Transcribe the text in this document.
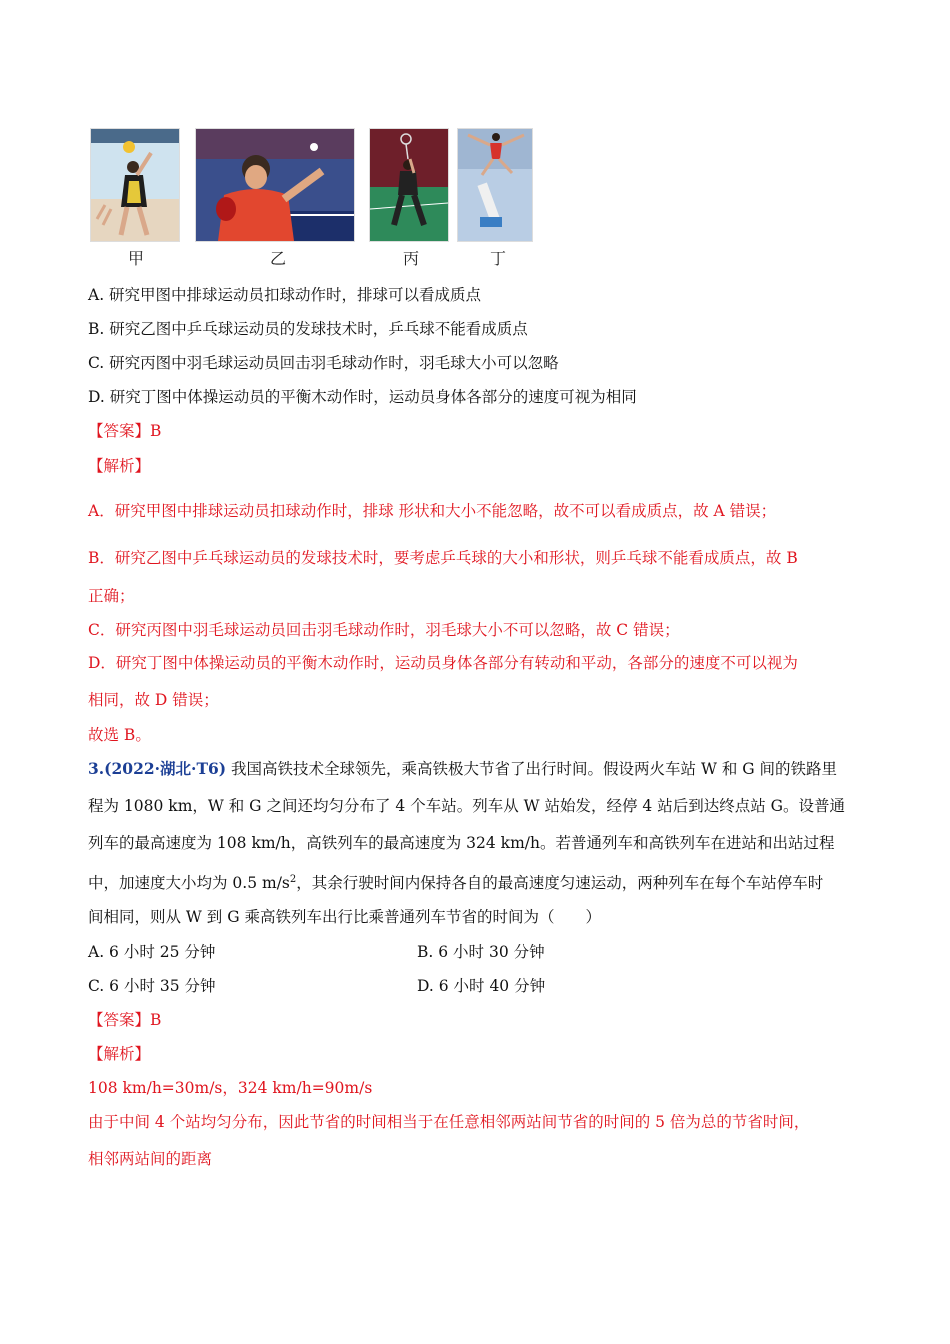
甲	乙	丙	丁
A. 研究甲图中排球运动员扣球动作时，排球可以看成质点
B. 研究乙图中乒乓球运动员的发球技术时，乒乓球不能看成质点
C. 研究丙图中羽毛球运动员回击羽毛球动作时，羽毛球大小可以忽略
D. 研究丁图中体操运动员的平衡木动作时，运动员身体各部分的速度可视为相同
【答案】B
【解析】
A．研究甲图中排球运动员扣球动作时，排球 形状和大小不能忽略，故不可以看成质点，故 A 错误；
B．研究乙图中乒乓球运动员的发球技术时，要考虑乒乓球的大小和形状，则乒乓球不能看成质点，故 B
正确；
C．研究丙图中羽毛球运动员回击羽毛球动作时，羽毛球大小不可以忽略，故 C 错误；
D．研究丁图中体操运动员的平衡木动作时，运动员身体各部分有转动和平动，各部分的速度不可以视为
相同，故 D 错误；
故选 B。
3.(2022·湖北·T6) 我国高铁技术全球领先，乘高铁极大节省了出行时间。假设两火车站 W 和 G 间的铁路里
程为 1080 km，W 和 G 之间还均匀分布了 4 个车站。列车从 W 站始发，经停 4 站后到达终点站 G。设普通
列车的最高速度为 108 km/h，高铁列车的最高速度为 324 km/h。若普通列车和高铁列车在进站和出站过程
中，加速度大小均为 0.5 $m/s^2$，其余行驶时间内保持各自的最高速度匀速运动，两种列车在每个车站停车时
间相同，则从 W 到 G 乘高铁列车出行比乘普通列车节省的时间为（　　）
A. 6 小时 25 分钟	B. 6 小时 30 分钟
C. 6 小时 35 分钟	D. 6 小时 40 分钟
【答案】B
【解析】
108 km/h=30m/s，324 km/h=90m/s
由于中间 4 个站均匀分布，因此节省的时间相当于在任意相邻两站间节省的时间的 5 倍为总的节省时间，
相邻两站间的距离
